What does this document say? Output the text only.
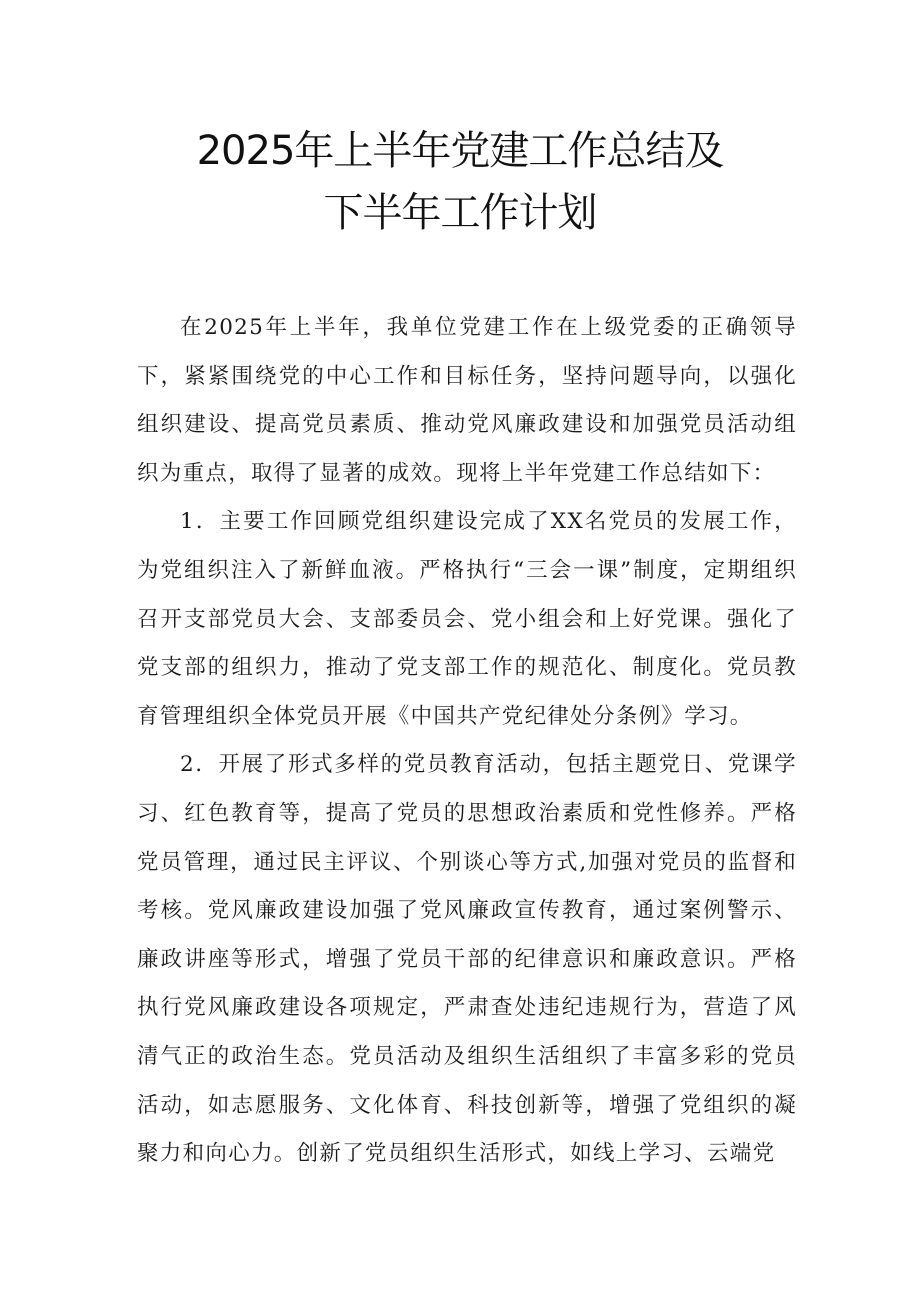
2025年上半年党建工作总结及
下半年工作计划

在2025年上半年，我单位党建工作在上级党委的正确领导下，紧紧围绕党的中心工作和目标任务，坚持问题导向，以强化组织建设、提高党员素质、推动党风廉政建设和加强党员活动组织为重点，取得了显著的成效。现将上半年党建工作总结如下：

1．主要工作回顾党组织建设完成了XX名党员的发展工作，为党组织注入了新鲜血液。严格执行“三会一课”制度，定期组织召开支部党员大会、支部委员会、党小组会和上好党课。强化了党支部的组织力，推动了党支部工作的规范化、制度化。党员教育管理组织全体党员开展《中国共产党纪律处分条例》学习。

2．开展了形式多样的党员教育活动，包括主题党日、党课学习、红色教育等，提高了党员的思想政治素质和党性修养。严格党员管理，通过民主评议、个别谈心等方式,加强对党员的监督和考核。党风廉政建设加强了党风廉政宣传教育，通过案例警示、廉政讲座等形式，增强了党员干部的纪律意识和廉政意识。严格执行党风廉政建设各项规定，严肃查处违纪违规行为，营造了风清气正的政治生态。党员活动及组织生活组织了丰富多彩的党员活动，如志愿服务、文化体育、科技创新等，增强了党组织的凝聚力和向心力。创新了党员组织生活形式，如线上学习、云端党
